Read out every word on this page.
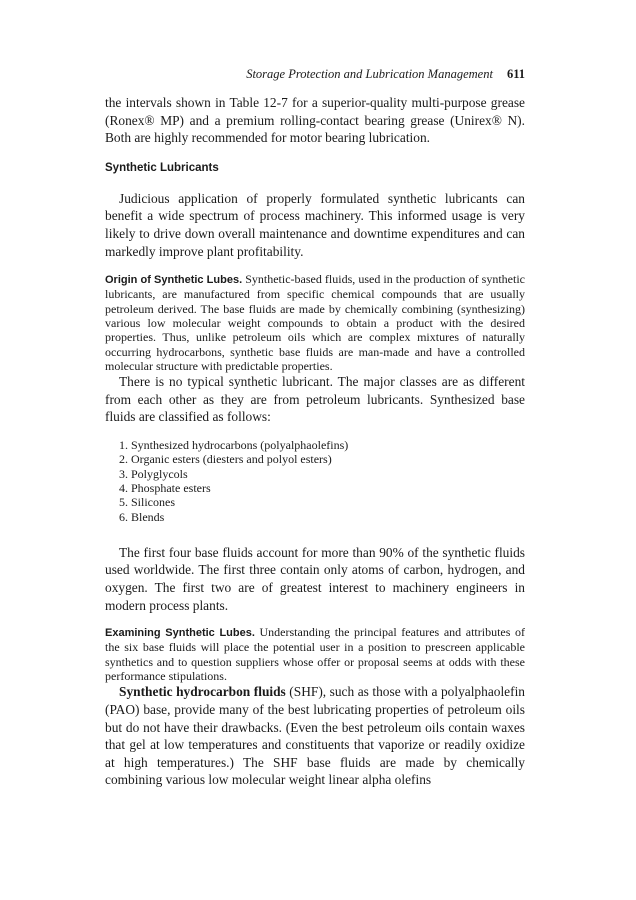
Storage Protection and Lubrication Management 611

the intervals shown in Table 12-7 for a superior-quality multi-purpose grease (Ronex® MP) and a premium rolling-contact bearing grease (Unirex® N). Both are highly recommended for motor bearing lubrication.

Synthetic Lubricants

Judicious application of properly formulated synthetic lubricants can benefit a wide spectrum of process machinery. This informed usage is very likely to drive down overall maintenance and downtime expenditures and can markedly improve plant profitability.

Origin of Synthetic Lubes. Synthetic-based fluids, used in the production of synthetic lubricants, are manufactured from specific chemical compounds that are usually petroleum derived. The base fluids are made by chemically combining (synthesizing) various low molecular weight compounds to obtain a product with the desired properties. Thus, unlike petroleum oils which are complex mixtures of naturally occurring hydrocarbons, synthetic base fluids are man-made and have a controlled molecular structure with predictable properties.

There is no typical synthetic lubricant. The major classes are as different from each other as they are from petroleum lubricants. Synthesized base fluids are classified as follows:

1. Synthesized hydrocarbons (polyalphaolefins)
2. Organic esters (diesters and polyol esters)
3. Polyglycols
4. Phosphate esters
5. Silicones
6. Blends

The first four base fluids account for more than 90% of the synthetic fluids used worldwide. The first three contain only atoms of carbon, hydrogen, and oxygen. The first two are of greatest interest to machinery engineers in modern process plants.

Examining Synthetic Lubes. Understanding the principal features and attributes of the six base fluids will place the potential user in a position to prescreen applicable synthetics and to question suppliers whose offer or proposal seems at odds with these performance stipulations.

Synthetic hydrocarbon fluids (SHF), such as those with a polyalphaolefin (PAO) base, provide many of the best lubricating properties of petroleum oils but do not have their drawbacks. (Even the best petroleum oils contain waxes that gel at low temperatures and constituents that vaporize or readily oxidize at high temperatures.) The SHF base fluids are made by chemically combining various low molecular weight linear alpha olefins
